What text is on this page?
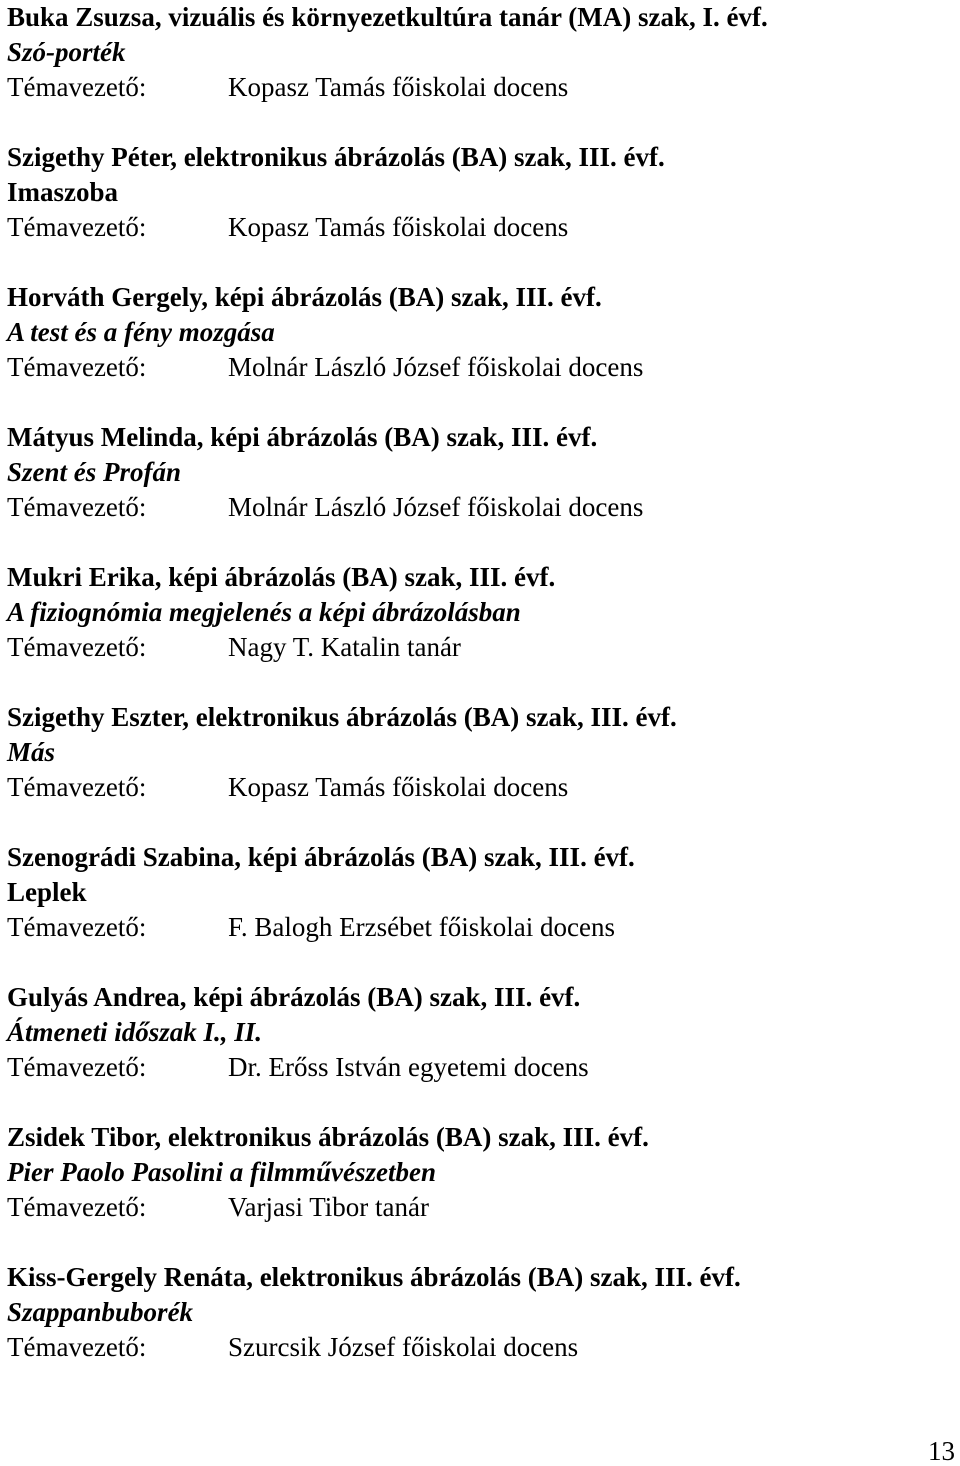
Buka Zsuzsa, vizuális és környezetkultúra tanár (MA) szak, I. évf.
Szó-porték
Témavezető:	Kopasz Tamás főiskolai docens
Szigethy Péter, elektronikus ábrázolás (BA) szak, III. évf.
Imaszoba
Témavezető:	Kopasz Tamás főiskolai docens
Horváth Gergely, képi ábrázolás (BA) szak, III. évf.
A test és a fény mozgása
Témavezető:	Molnár László József főiskolai docens
Mátyus Melinda, képi ábrázolás (BA) szak, III. évf.
Szent és Profán
Témavezető:	Molnár László József főiskolai docens
Mukri Erika, képi ábrázolás (BA) szak, III. évf.
A fiziognómia megjelenés a képi ábrázolásban
Témavezető:	Nagy T. Katalin tanár
Szigethy Eszter, elektronikus ábrázolás (BA) szak, III. évf.
Más
Témavezető:	Kopasz Tamás főiskolai docens
Szenográdi Szabina, képi ábrázolás (BA) szak, III. évf.
Leplek
Témavezető:	F. Balogh Erzsébet főiskolai docens
Gulyás Andrea, képi ábrázolás (BA) szak, III. évf.
Átmeneti időszak I., II.
Témavezető:	Dr. Erőss István egyetemi docens
Zsidek Tibor, elektronikus ábrázolás (BA) szak, III. évf.
Pier Paolo Pasolini a filmművészetben
Témavezető:	Varjasi Tibor tanár
Kiss-Gergely Renáta, elektronikus ábrázolás (BA) szak, III. évf.
Szappanbuborék
Témavezető:	Szurcsik József főiskolai docens
13
